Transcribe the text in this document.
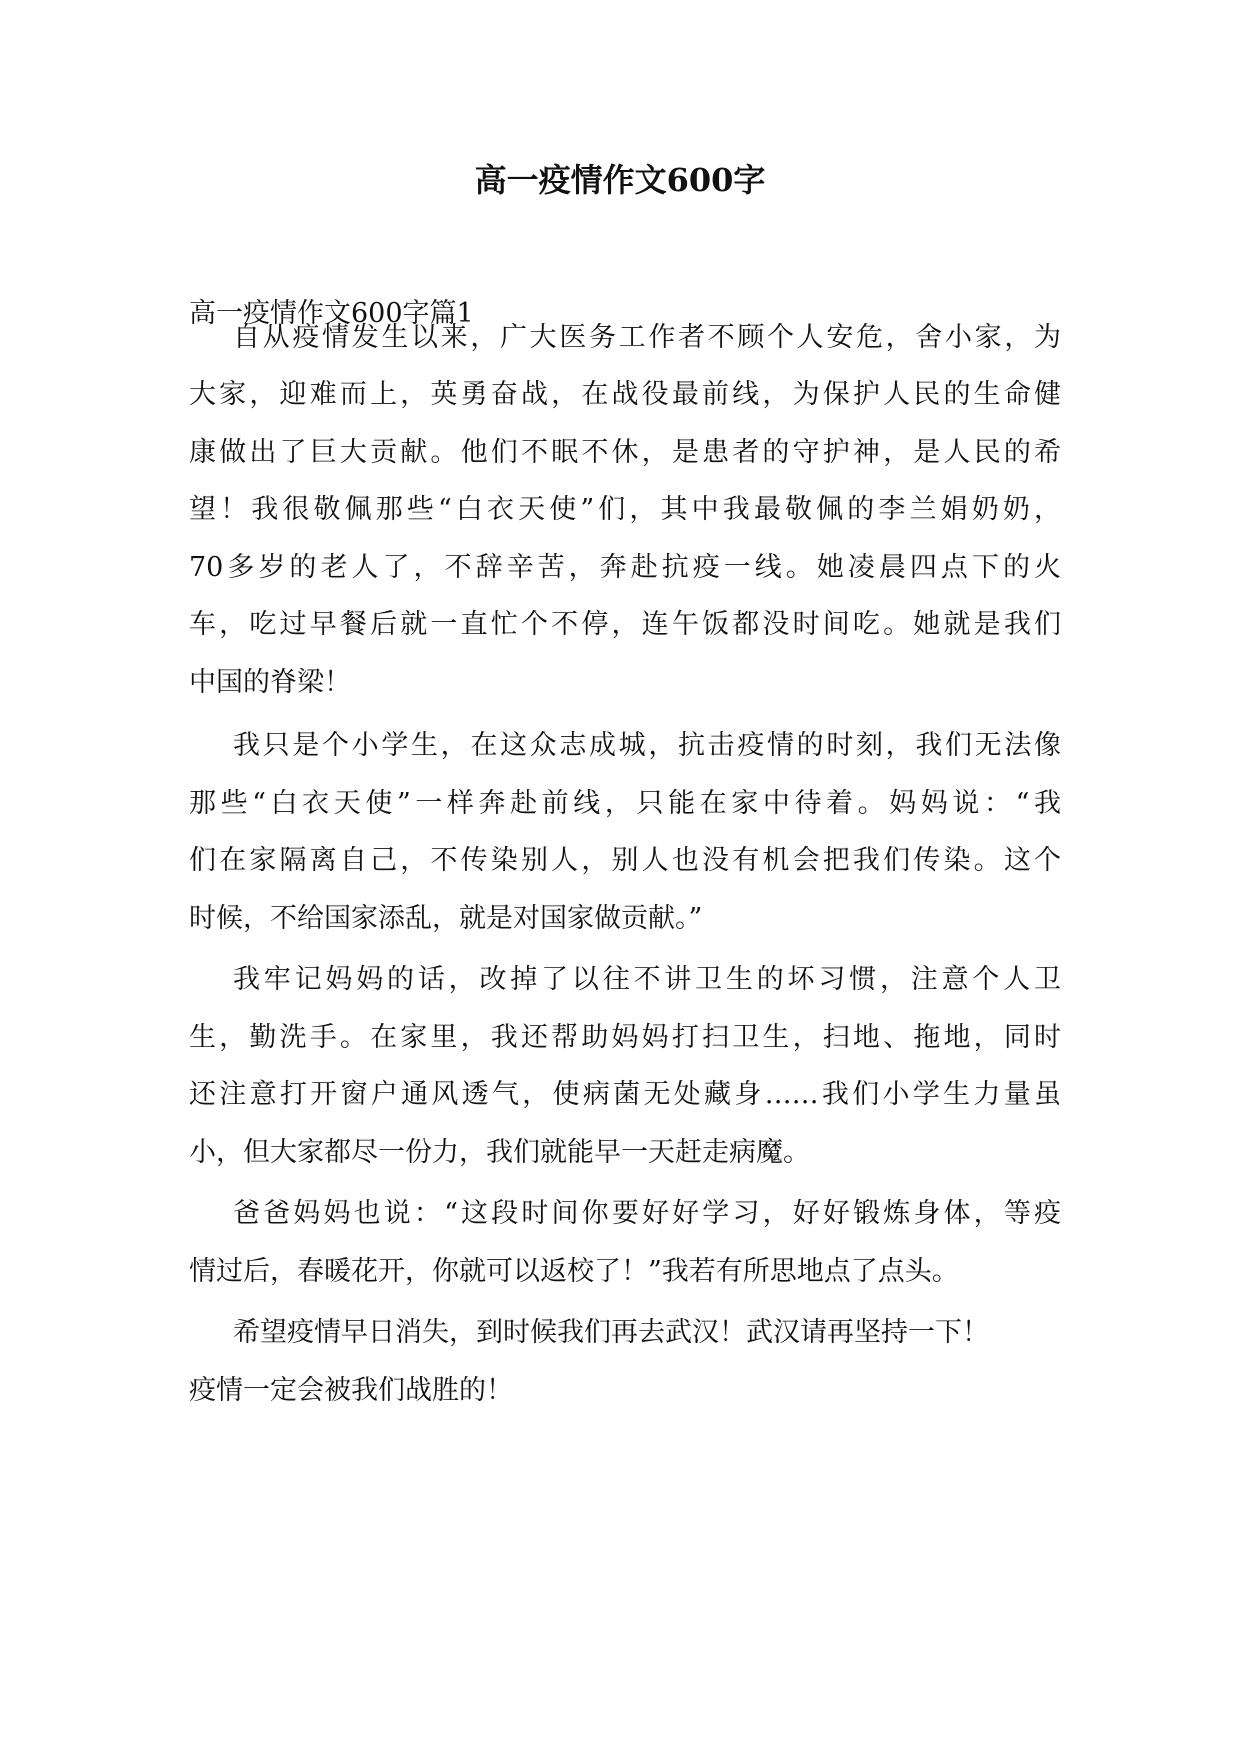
高一疫情作文600字
高一疫情作文600字篇1
自从疫情发生以来，广大医务工作者不顾个人安危，舍小家，为
大家，迎难而上，英勇奋战，在战役最前线，为保护人民的生命健
康做出了巨大贡献。他们不眠不休，是患者的守护神，是人民的希
望！我很敬佩那些“白衣天使”们，其中我最敬佩的李兰娟奶奶，
70多岁的老人了，不辞辛苦，奔赴抗疫一线。她凌晨四点下的火
车，吃过早餐后就一直忙个不停，连午饭都没时间吃。她就是我们
中国的脊梁！
我只是个小学生，在这众志成城，抗击疫情的时刻，我们无法像
那些“白衣天使”一样奔赴前线，只能在家中待着。妈妈说：“我
们在家隔离自己，不传染别人，别人也没有机会把我们传染。这个
时候，不给国家添乱，就是对国家做贡献。”
我牢记妈妈的话，改掉了以往不讲卫生的坏习惯，注意个人卫
生，勤洗手。在家里，我还帮助妈妈打扫卫生，扫地、拖地，同时
还注意打开窗户通风透气，使病菌无处藏身……我们小学生力量虽
小，但大家都尽一份力，我们就能早一天赶走病魔。
爸爸妈妈也说：“这段时间你要好好学习，好好锻炼身体，等疫
情过后，春暖花开，你就可以返校了！”我若有所思地点了点头。
希望疫情早日消失，到时候我们再去武汉！武汉请再坚持一下！
疫情一定会被我们战胜的！
